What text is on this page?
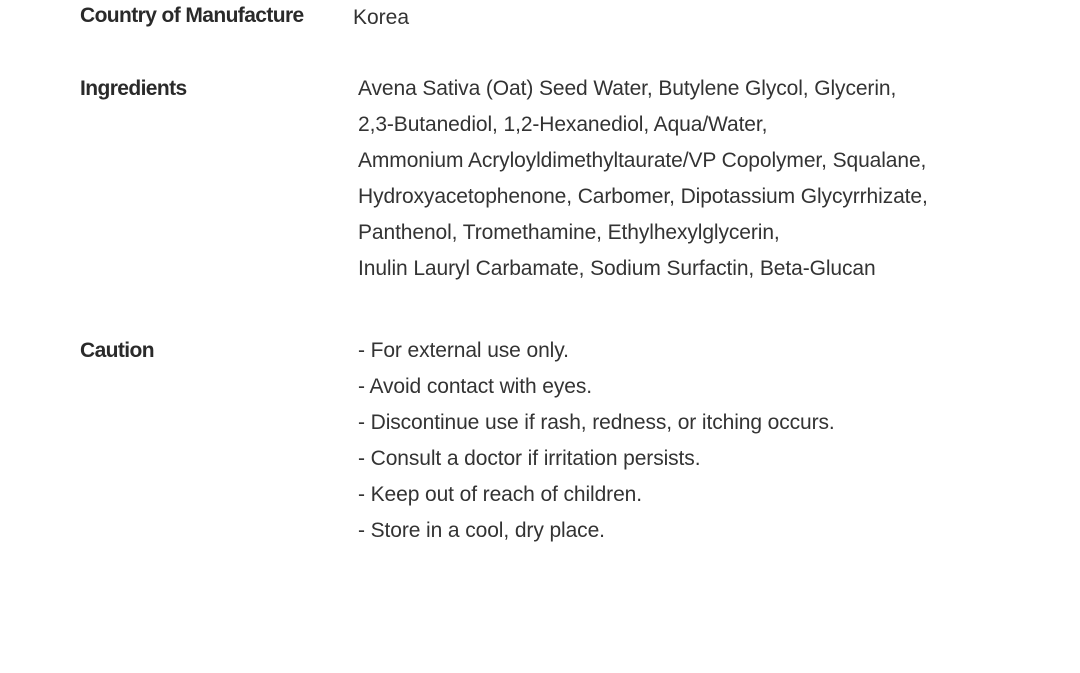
Country of Manufacture Korea
Ingredients	Avena Sativa (Oat) Seed Water, Butylene Glycol, Glycerin,
2,3-Butanediol, 1,2-Hexanediol, Aqua/Water,
Ammonium Acryloyldimethyltaurate/VP Copolymer, Squalane,
Hydroxyacetophenone, Carbomer, Dipotassium Glycyrrhizate,
Panthenol, Tromethamine, Ethylhexylglycerin,
Inulin Lauryl Carbamate, Sodium Surfactin, Beta-Glucan
Caution	- For external use only.
- Avoid contact with eyes.
- Discontinue use if rash, redness, or itching occurs.
- Consult a doctor if irritation persists.
- Keep out of reach of children.
- Store in a cool, dry place.
